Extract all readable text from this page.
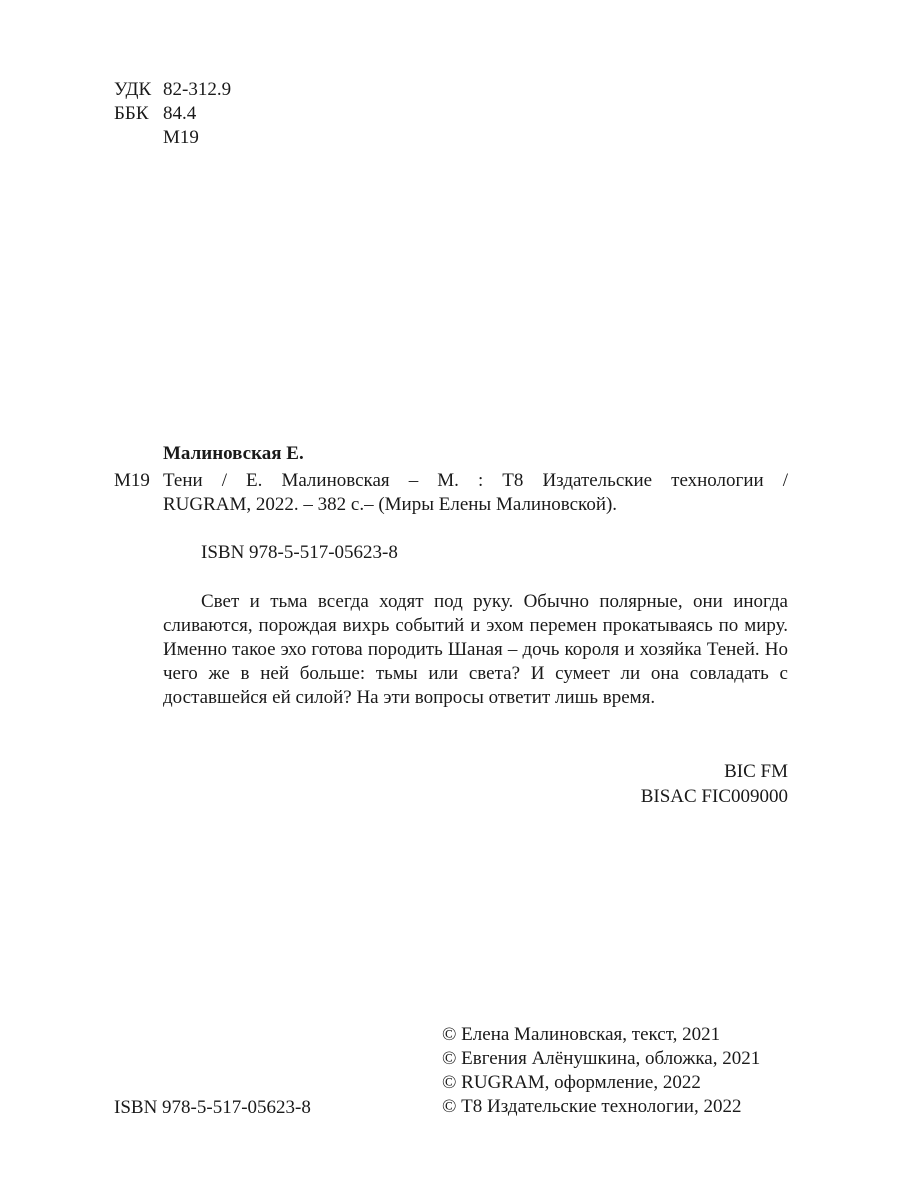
УДК 82-312.9
ББК 84.4
М19
Малиновская Е.
М19 Тени / Е. Малиновская – М. : Т8 Издательские технологии /
RUGRAM, 2022. – 382 с.– (Миры Елены Малиновской).
ISBN 978-5-517-05623-8

Свет и тьма всегда ходят под руку. Обычно полярные, они иногда сливаются, порождая вихрь событий и эхом перемен прокатываясь по миру. Именно такое эхо готова породить Шаная – дочь короля и хозяйка Теней. Но чего же в ней больше: тьмы или света? И сумеет ли она совладать с доставшейся ей силой? На эти вопросы ответит лишь время.

BIC FM
BISAC FIC009000
© Елена Малиновская, текст, 2021
© Евгения Алёнушкина, обложка, 2021
© RUGRAM, оформление, 2022
© Т8 Издательские технологии, 2022
ISBN 978-5-517-05623-8
